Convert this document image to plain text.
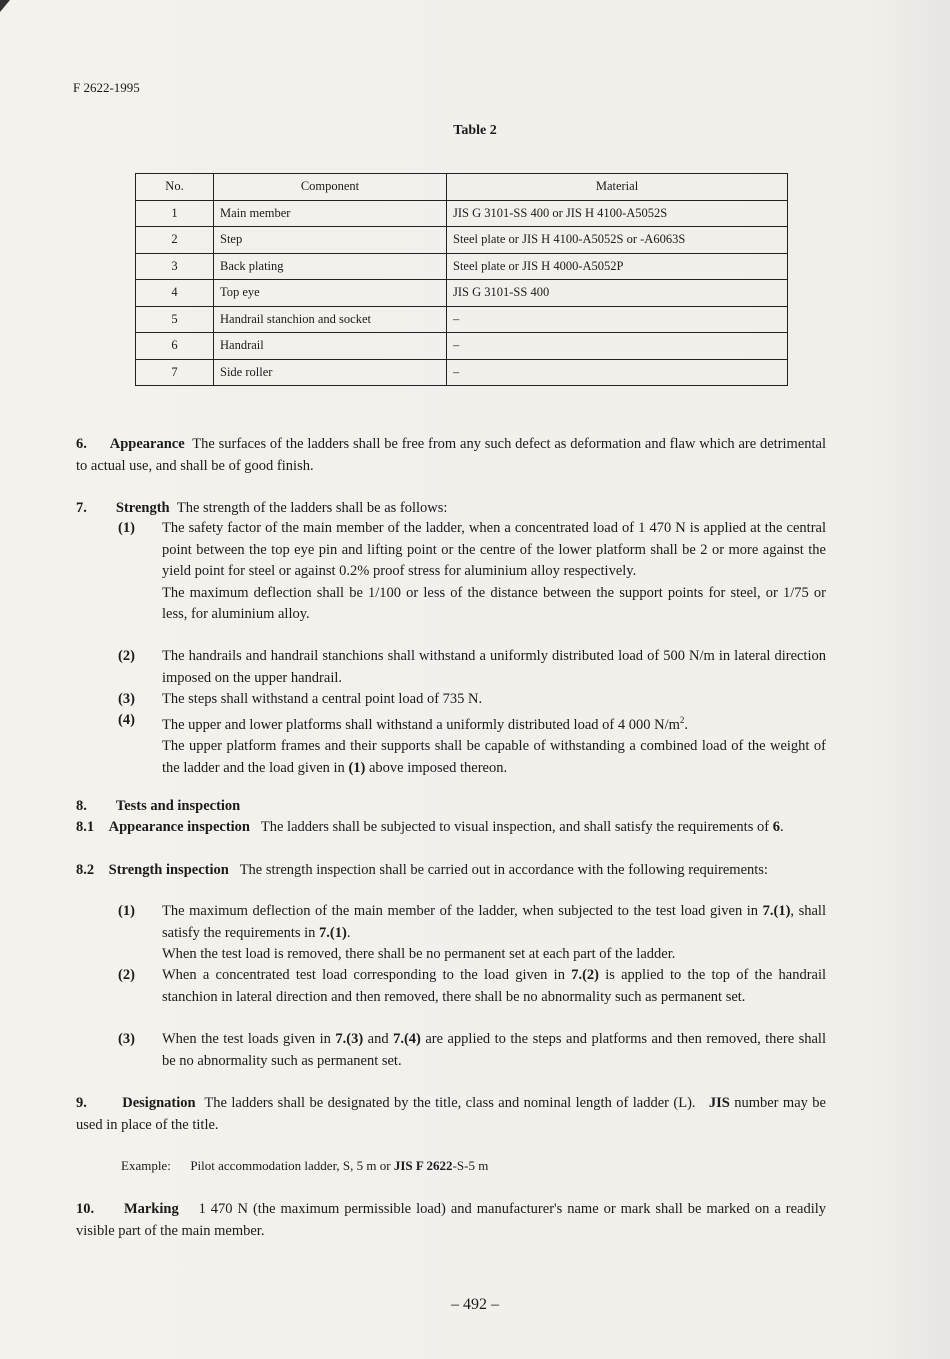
F 2622-1995
Table 2
No.	Component	Material
1	Main member	JIS G 3101-SS 400 or JIS H 4100-A5052S
2	Step	Steel plate or JIS H 4100-A5052S or -A6063S
3	Back plating	Steel plate or JIS H 4000-A5052P
4	Top eye	JIS G 3101-SS 400
5	Handrail stanchion and socket	–
6	Handrail	–
7	Side roller	–
6. Appearance The surfaces of the ladders shall be free from any such defect as deformation and flaw which are detrimental to actual use, and shall be of good finish.
7. Strength The strength of the ladders shall be as follows:
(1) The safety factor of the main member of the ladder, when a concentrated load of 1 470 N is applied at the central point between the top eye pin and lifting point or the centre of the lower platform shall be 2 or more against the yield point for steel or against 0.2% proof stress for aluminium alloy respectively.
The maximum deflection shall be 1/100 or less of the distance between the support points for steel, or 1/75 or less, for aluminium alloy.
(2) The handrails and handrail stanchions shall withstand a uniformly distributed load of 500 N/m in lateral direction imposed on the upper handrail.
(3) The steps shall withstand a central point load of 735 N.
(4) The upper and lower platforms shall withstand a uniformly distributed load of 4 000 $N/m^2$.
The upper platform frames and their supports shall be capable of withstanding a combined load of the weight of the ladder and the load given in (1) above imposed thereon.
8. Tests and inspection
8.1 Appearance inspection The ladders shall be subjected to visual inspection, and shall satisfy the requirements of 6.
8.2 Strength inspection The strength inspection shall be carried out in accordance with the following requirements:
(1) The maximum deflection of the main member of the ladder, when subjected to the test load given in 7.(1), shall satisfy the requirements in 7.(1).
When the test load is removed, there shall be no permanent set at each part of the ladder.
(2) When a concentrated test load corresponding to the load given in 7.(2) is applied to the top of the handrail stanchion in lateral direction and then removed, there shall be no abnormality such as permanent set.
(3) When the test loads given in 7.(3) and 7.(4) are applied to the steps and platforms and then removed, there shall be no abnormality such as permanent set.
9. Designation The ladders shall be designated by the title, class and nominal length of ladder (L). JIS number may be used in place of the title.
Example: Pilot accommodation ladder, S, 5 m or JIS F 2622-S-5 m
10. Marking 1 470 N (the maximum permissible load) and manufacturer's name or mark shall be marked on a readily visible part of the main member.
– 492 –
